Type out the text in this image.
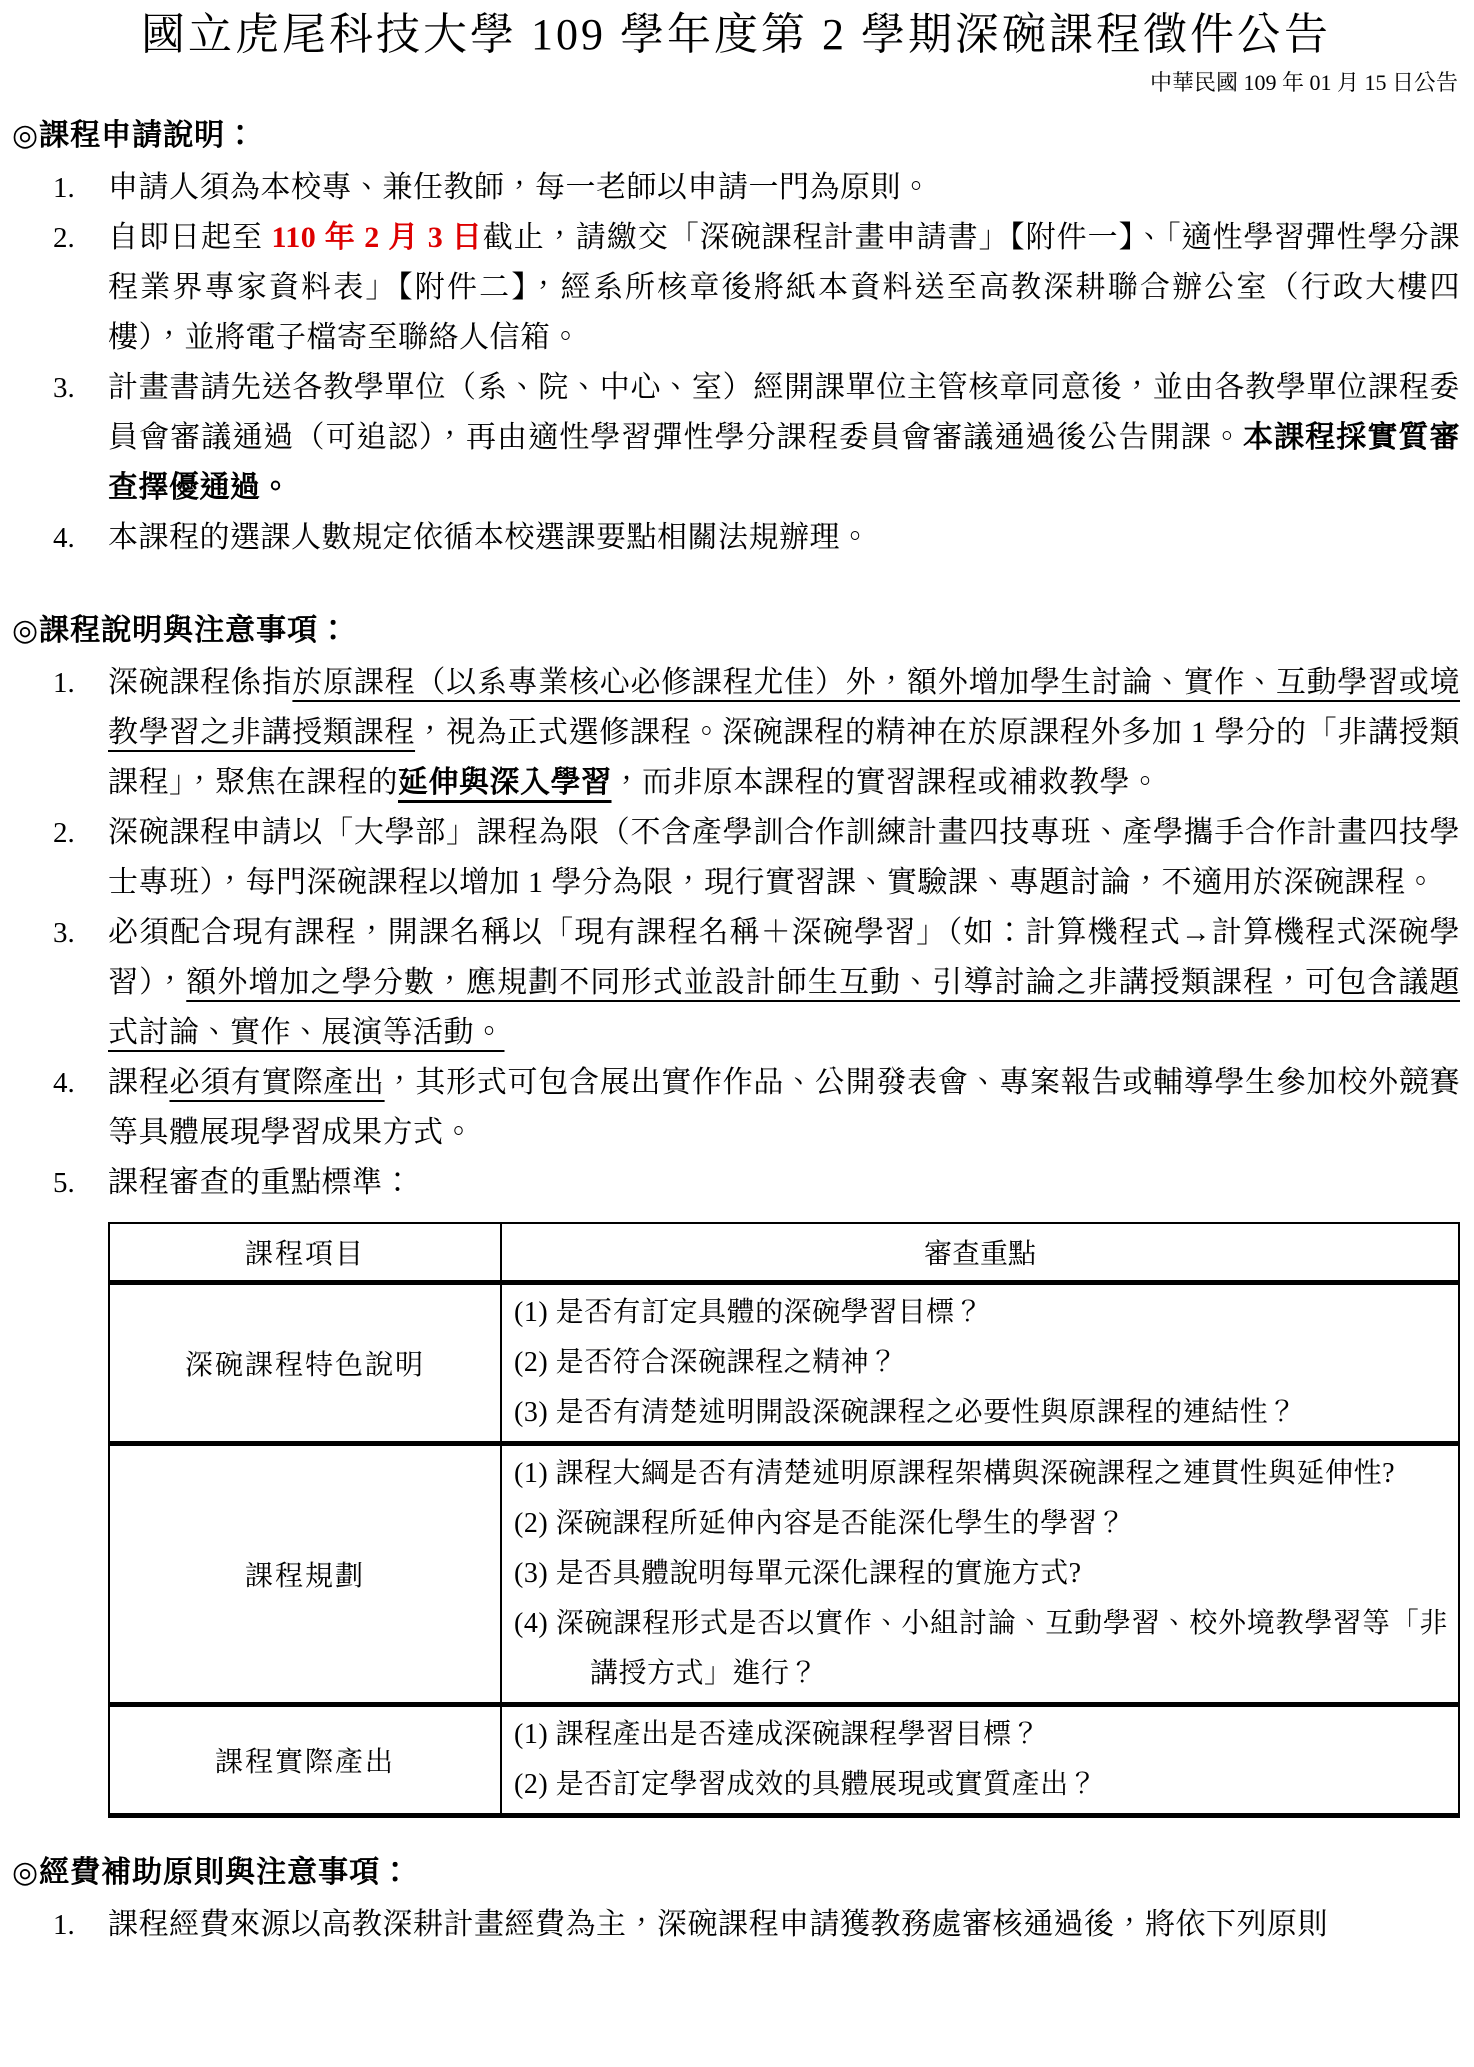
國立虎尾科技大學 109 學年度第 2 學期深碗課程徵件公告
中華民國 109 年 01 月 15 日公告
◎課程申請說明：
1.	申請人須為本校專、兼任教師，每一老師以申請一門為原則。
2.	自即日起至 110 年 2 月 3 日截止，請繳交「深碗課程計畫申請書」【附件一】、「適性學習彈性學分課程業界專家資料表」【附件二】，經系所核章後將紙本資料送至高教深耕聯合辦公室（行政大樓四樓），並將電子檔寄至聯絡人信箱。
3.	計畫書請先送各教學單位（系、院、中心、室）經開課單位主管核章同意後，並由各教學單位課程委員會審議通過（可追認），再由適性學習彈性學分課程委員會審議通過後公告開課。本課程採實質審查擇優通過。
4.	本課程的選課人數規定依循本校選課要點相關法規辦理。
◎課程說明與注意事項：
1.	深碗課程係指於原課程（以系專業核心必修課程尤佳）外，額外增加學生討論、實作、互動學習或境教學習之非講授類課程，視為正式選修課程。深碗課程的精神在於原課程外多加 1 學分的「非講授類課程」，聚焦在課程的延伸與深入學習，而非原本課程的實習課程或補救教學。
2.	深碗課程申請以「大學部」課程為限（不含產學訓合作訓練計畫四技專班、產學攜手合作計畫四技學士專班），每門深碗課程以增加 1 學分為限，現行實習課、實驗課、專題討論，不適用於深碗課程。
3.	必須配合現有課程，開課名稱以「現有課程名稱＋深碗學習」（如：計算機程式→計算機程式深碗學習），額外增加之學分數，應規劃不同形式並設計師生互動、引導討論之非講授類課程，可包含議題式討論、實作、展演等活動。
4.	課程必須有實際產出，其形式可包含展出實作作品、公開發表會、專案報告或輔導學生參加校外競賽等具體展現學習成果方式。
5.	課程審查的重點標準：
課程項目	審查重點
深碗課程特色說明	(1) 是否有訂定具體的深碗學習目標？
(2) 是否符合深碗課程之精神？
(3) 是否有清楚述明開設深碗課程之必要性與原課程的連結性？

課程規劃	(1) 課程大綱是否有清楚述明原課程架構與深碗課程之連貫性與延伸性?
(2) 深碗課程所延伸內容是否能深化學生的學習？
(3) 是否具體說明每單元深化課程的實施方式?
(4) 深碗課程形式是否以實作、小組討論、互動學習、校外境教學習等「非講授方式」進行？

課程實際產出	(1) 課程產出是否達成深碗課程學習目標？
(2) 是否訂定學習成效的具體展現或實質產出？
◎經費補助原則與注意事項：
1.	課程經費來源以高教深耕計畫經費為主，深碗課程申請獲教務處審核通過後，將依下列原則
